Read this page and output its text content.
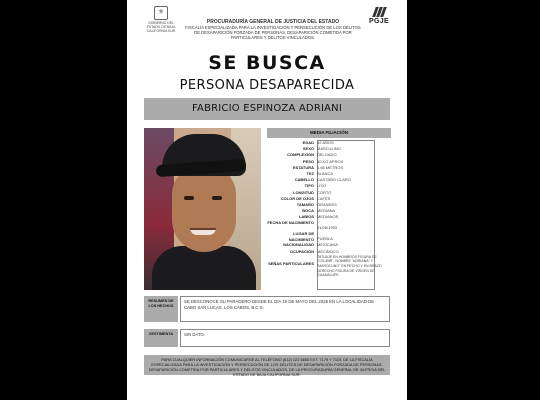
⚜
GOBIERNO DEL ESTADO DE BAJA CALIFORNIA SUR
PROCURADURÍA GENERAL DE JUSTICIA DEL ESTADO
FISCALÍA ESPECIALIZADA PARA LA INVESTIGACIÓN Y PERSECUCIÓN DE LOS DELITOS DE DESAPARICIÓN FORZADA DE PERSONAS, DESAPARICIÓN COMETIDA POR PARTICULARES Y DELITOS VINCULADOS.
PGJE
SE BUSCA
PERSONA DESAPARECIDA
FABRICIO ESPINOZA ADRIANI
MEDIA FILIACIÓN
EDAD 32 AÑOS
SEXO MASCULINO
COMPLEXIÓN DELGADO
PESO 60 KG APROX
ESTATURA 1.65 METROS
TEZ BLANCA
CABELLO CASTAÑO CLARO
TIPO LISO
LONGITUD CORTO
COLOR DE OJOS CAFÉS
TAMAÑO GRANDES
BOCA MEDIANA
LABIOS MEDIANOS
FECHA DE NACIMIENTO
21/08/1993
LUGAR DE NACIMIENTO PUEBLA
NACIONALIDAD MEXICANA
OCUPACIÓN MECÁNICO
SEÑAS PARTICULARES
TATUAJE EN HOMBROS FIGURA DE "COLIBRÍ", NOMBRE "ADRIANA" Y "MARCELINO" EN PECHO Y EN BRAZO DERECHO FIGURA DE VIRGEN DE GUADALUPE.
RESUMEN DE LOS HECHOS
SE DESCONOCE SU PARADERO DESDE EL DÍA 10 DE MAYO DEL 2025 EN LA LOCALIDAD DE CABO SAN LUCAS, LOS CABOS, B.C.S.
VESTIMENTA	SIN DATO.
PARA CUALQUIER INFORMACIÓN COMUNICARSE AL TELÉFONO (612) 122 6655 EXT. 7179 Y 7119, DE LA FISCALÍA ESPECIALIZADA PARA LA INVESTIGACIÓN Y PERSECUCIÓN DE LOS DELITOS DE DESAPARICIÓN FORZADA DE PERSONAS, DESAPARICIÓN COMETIDA POR PARTICULARES Y DELITOS VINCULADOS, DE LA PROCURADURÍA GENERAL DE JUSTICIA DEL ESTADO DE BAJA CALIFORNIA SUR.
